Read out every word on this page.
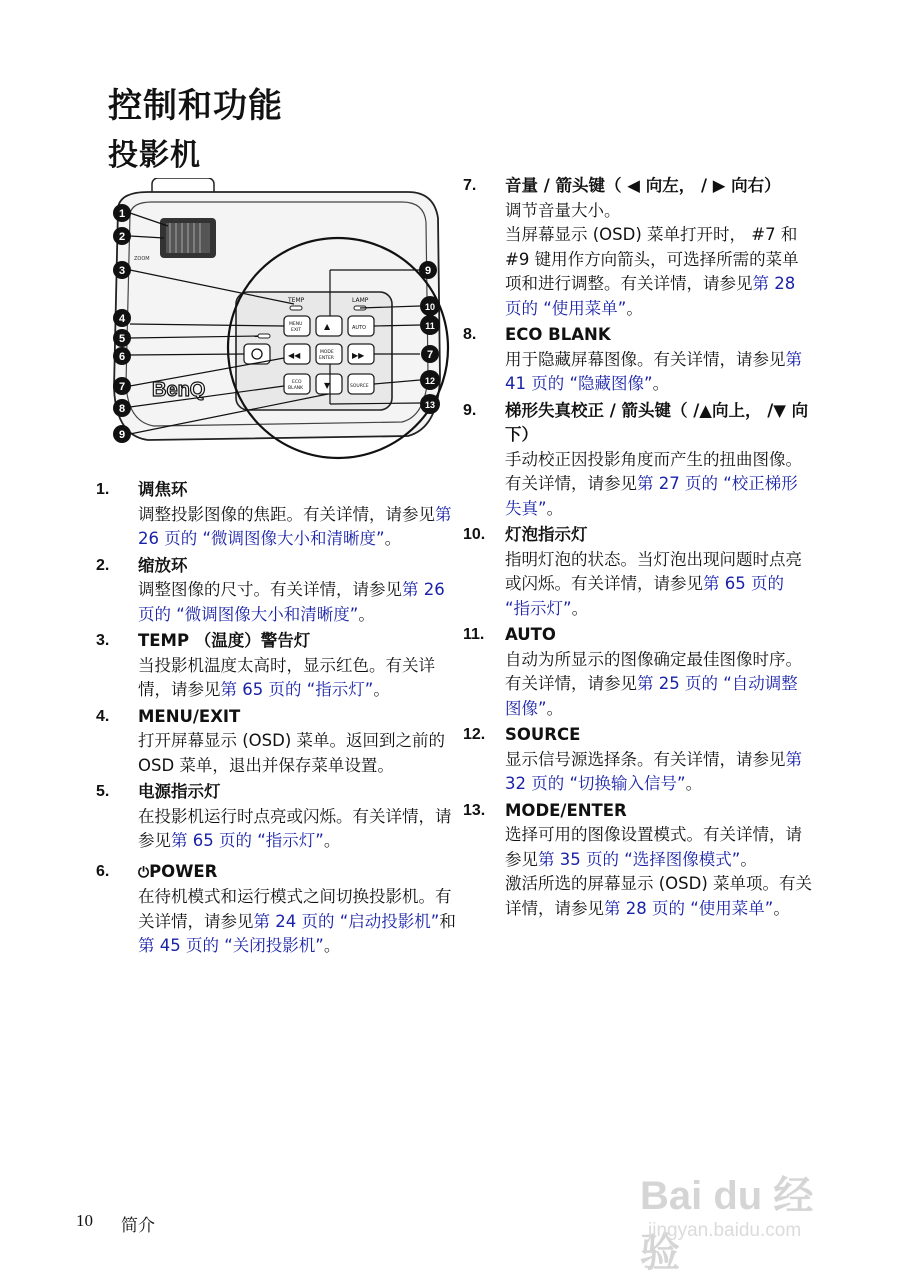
控制和功能
投影机
ZOOM
TEMP	LAMP
MENU
EXIT	▲	AUTO
◀◀	MODE
ENTER ▶▶
ECO
BLANK	▼	SOURCE
BenQ
1
2
3
4
5
6
7
8
9
9
10
11
7
12
13
1. 调焦环

调整投影图像的焦距。有关详情，请参见第 26 页的 “微调图像大小和清晰度”。

2. 缩放环

调整图像的尺寸。有关详情，请参见第 26 页的 “微调图像大小和清晰度”。

3. TEMP （温度）警告灯

当投影机温度太高时，显示红色。有关详情，请参见第 65 页的 “指示灯”。

4. MENU/EXIT

打开屏幕显示 (OSD) 菜单。返回到之前的 OSD 菜单，退出并保存菜单设置。

5. 电源指示灯

在投影机运行时点亮或闪烁。有关详情，请参见第 65 页的 “指示灯”。

6. ⏻POWER

在待机模式和运行模式之间切换投影机。有关详情，请参见第 24 页的 “启动投影机”和第 45 页的 “关闭投影机”。

7. 音量 / 箭头键（ ◀ 向左， / ▶ 向右）

调节音量大小。

当屏幕显示 (OSD) 菜单打开时， #7 和 #9 键用作方向箭头，可选择所需的菜单项和进行调整。有关详情，请参见第 28 页的 “使用菜单”。

8. ECO BLANK

用于隐藏屏幕图像。有关详情，请参见第 41 页的 “隐藏图像”。

9. 梯形失真校正 / 箭头键（ /▲向上， /▼ 向下）

手动校正因投影角度而产生的扭曲图像。有关详情，请参见第 27 页的 “校正梯形失真”。

10. 灯泡指示灯

指明灯泡的状态。当灯泡出现问题时点亮或闪烁。有关详情，请参见第 65 页的 “指示灯”。

11. AUTO

自动为所显示的图像确定最佳图像时序。有关详情，请参见第 25 页的 “自动调整图像”。

12. SOURCE

显示信号源选择条。有关详情，请参见第 32 页的 “切换输入信号”。

13. MODE/ENTER

选择可用的图像设置模式。有关详情，请参见第 35 页的 “选择图像模式”。

激活所选的屏幕显示 (OSD) 菜单项。有关详情，请参见第 28 页的 “使用菜单”。

10 简介
Bai du 经验
jingyan.baidu.com
